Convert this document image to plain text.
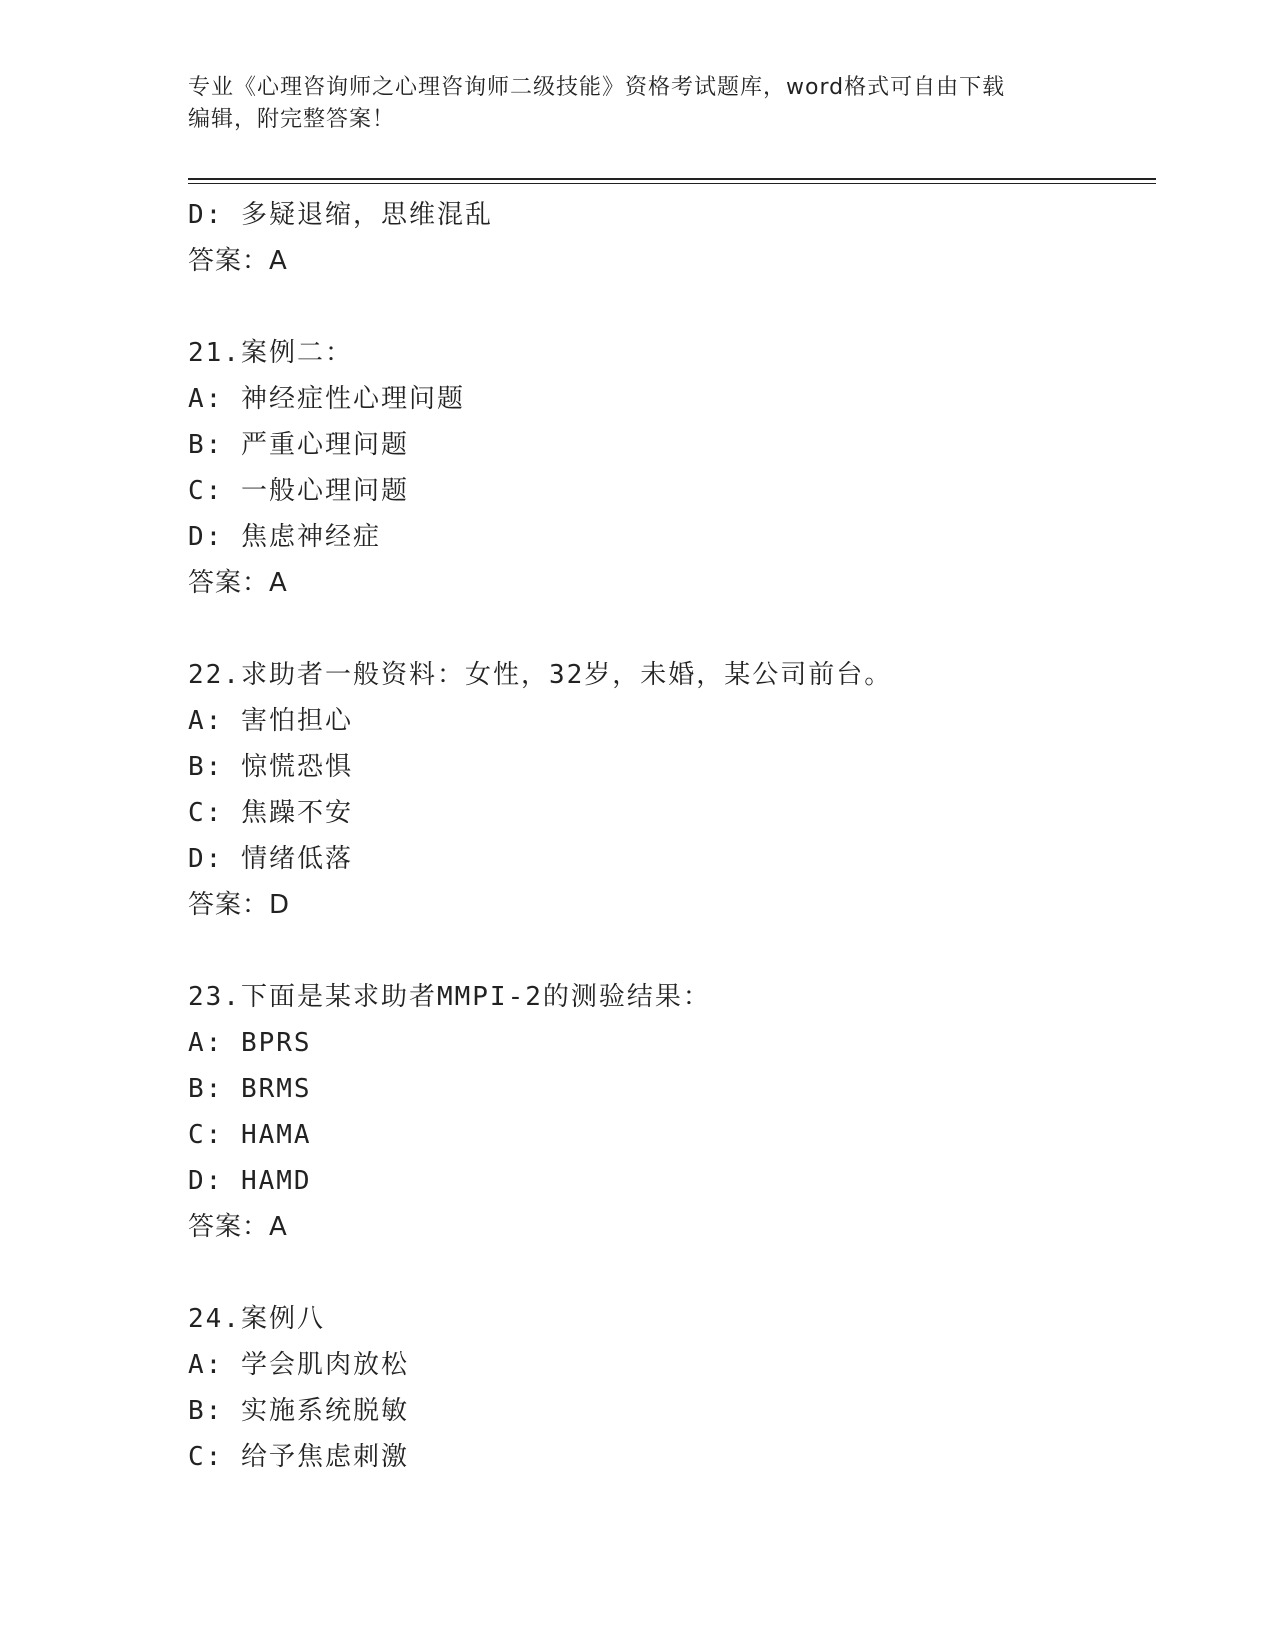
专业《心理咨询师之心理咨询师二级技能》资格考试题库，word格式可自由下载
编辑，附完整答案！
D: 多疑退缩，思维混乱
答案：A
21.案例二：
A: 神经症性心理问题
B: 严重心理问题
C: 一般心理问题
D: 焦虑神经症
答案：A
22.求助者一般资料：女性，32岁，未婚，某公司前台。
A: 害怕担心
B: 惊慌恐惧
C: 焦躁不安
D: 情绪低落
答案：D
23.下面是某求助者MMPI-2的测验结果：
A: BPRS
B: BRMS
C: HAMA
D: HAMD
答案：A
24.案例八
A: 学会肌肉放松
B: 实施系统脱敏
C: 给予焦虑刺激
